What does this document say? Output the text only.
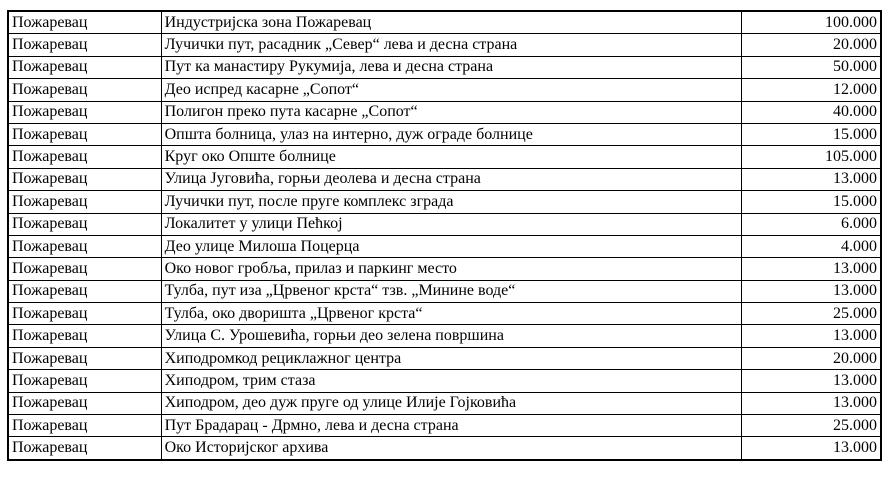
Пожаревац	Индустријска зона Пожаревац	100.000
Пожаревац	Лучички пут, расадник „Север“ лева и десна страна	20.000
Пожаревац	Пут ка манастиру Рукумија, лева и десна страна	50.000
Пожаревац	Део испред касарне „Сопот“	12.000
Пожаревац	Полигон преко пута касарне „Сопот“	40.000
Пожаревац	Општа болница, улаз на интерно, дуж ограде болнице	15.000
Пожаревац	Круг око Опште болнице	105.000
Пожаревац	Улица Југовића, горњи деолева и десна страна	13.000
Пожаревац	Лучички пут, после пруге комплекс зграда	15.000
Пожаревац	Локалитет у улици Пећкој	6.000
Пожаревац	Део улице Милоша Поцерца	4.000
Пожаревац	Око новог гробља, прилаз и паркинг место	13.000
Пожаревац	Тулба, пут иза „Црвеног крста“ тзв. „Минине воде“	13.000
Пожаревац	Тулба, око дворишта „Црвеног крста“	25.000
Пожаревац	Улица С. Урошевића, горњи део зелена површина	13.000
Пожаревац	Хиподромкод рециклажног центра	20.000
Пожаревац	Хиподром, трим стаза	13.000
Пожаревац	Хиподром, део дуж пруге од улице Илије Гојковића	13.000
Пожаревац	Пут Брадарац - Дрмно, лева и десна страна	25.000
Пожаревац	Око Историјског архива	13.000
